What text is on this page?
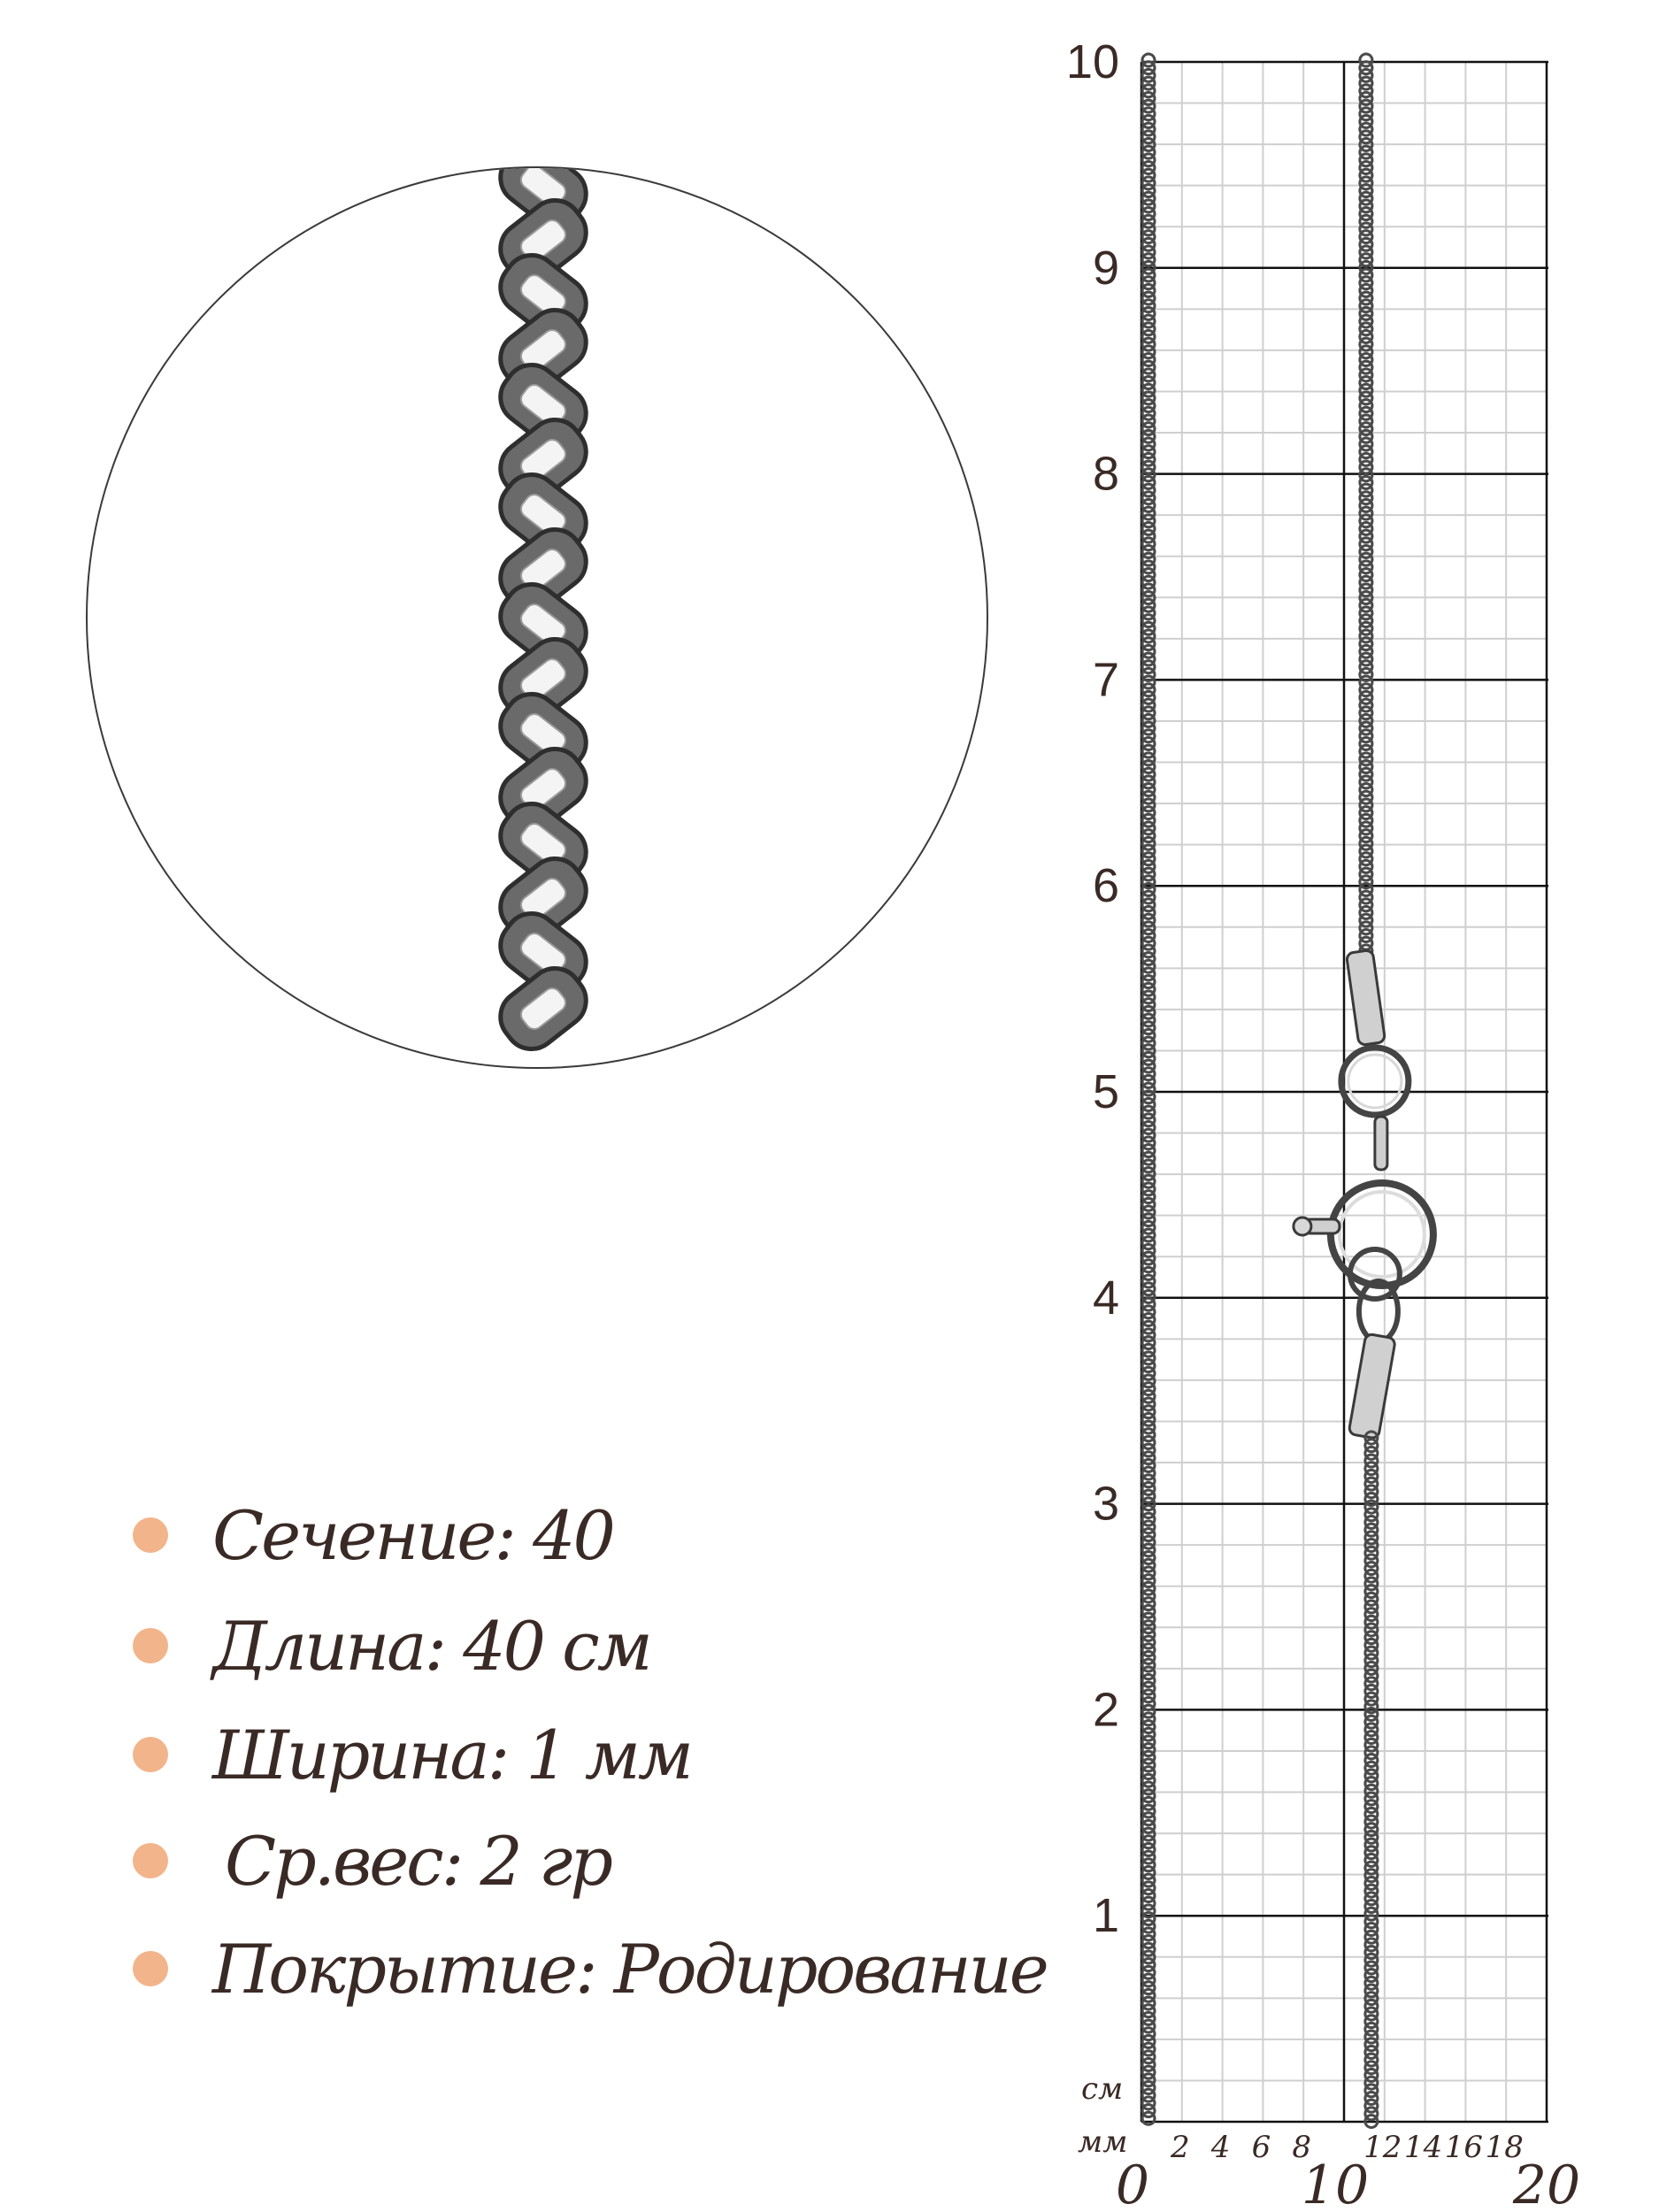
Сечение: 40
Длина: 40 см
Ширина: 1 мм
Ср.вес: 2 гр
Покрытие: Родирование
10
9
8
7
6
5
4
3
2
1
см
мм 2 4 6 8 12 14 16 18
0	10	20
